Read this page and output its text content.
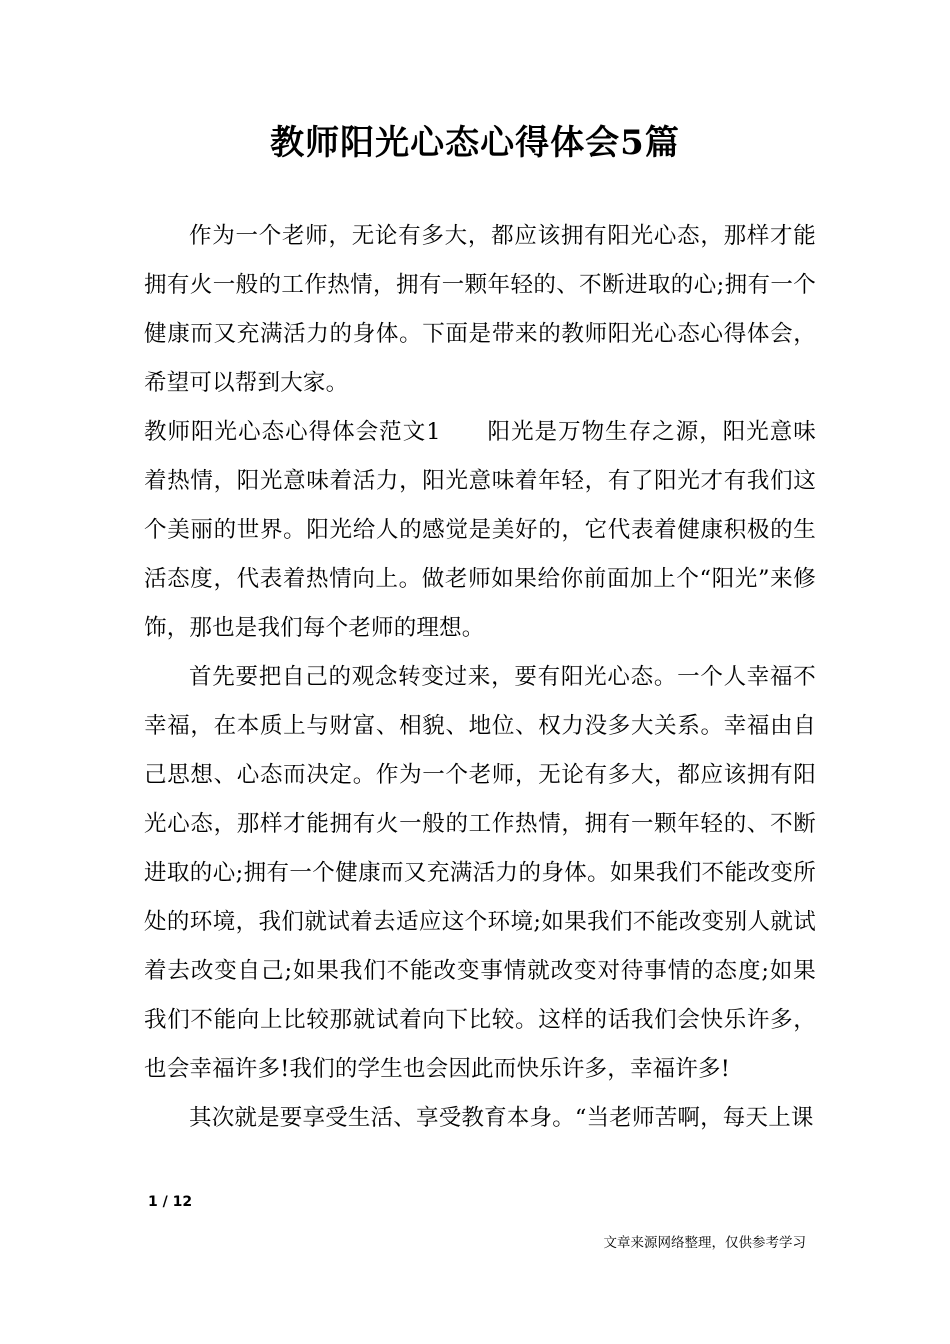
教师阳光心态心得体会5篇

作为一个老师，无论有多大，都应该拥有阳光心态，那样才能拥有火一般的工作热情，拥有一颗年轻的、不断进取的心;拥有一个健康而又充满活力的身体。下面是带来的教师阳光心态心得体会，希望可以帮到大家。

教师阳光心态心得体会范文1 阳光是万物生存之源，阳光意味着热情，阳光意味着活力，阳光意味着年轻，有了阳光才有我们这个美丽的世界。阳光给人的感觉是美好的，它代表着健康积极的生活态度，代表着热情向上。做老师如果给你前面加上个“阳光”来修饰，那也是我们每个老师的理想。

首先要把自己的观念转变过来，要有阳光心态。一个人幸福不幸福，在本质上与财富、相貌、地位、权力没多大关系。幸福由自己思想、心态而决定。作为一个老师，无论有多大，都应该拥有阳光心态，那样才能拥有火一般的工作热情，拥有一颗年轻的、不断进取的心;拥有一个健康而又充满活力的身体。如果我们不能改变所处的环境，我们就试着去适应这个环境;如果我们不能改变别人就试着去改变自己;如果我们不能改变事情就改变对待事情的态度;如果我们不能向上比较那就试着向下比较。这样的话我们会快乐许多，也会幸福许多!我们的学生也会因此而快乐许多，幸福许多!

其次就是要享受生活、享受教育本身。“当老师苦啊，每天上课

1 / 12
文章来源网络整理，仅供参考学习
